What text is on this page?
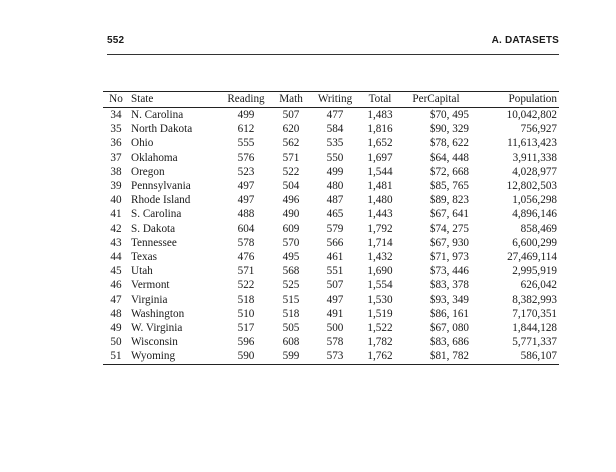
552	A. DATASETS
No	State	Reading	Math	Writing	Total	PerCapital	Population
34	N. Carolina	499	507	477	1,483	$70, 495	10,042,802
35	North Dakota	612	620	584	1,816	$90, 329	756,927
36	Ohio	555	562	535	1,652	$78, 622	11,613,423
37	Oklahoma	576	571	550	1,697	$64, 448	3,911,338
38	Oregon	523	522	499	1,544	$72, 668	4,028,977
39	Pennsylvania	497	504	480	1,481	$85, 765	12,802,503
40	Rhode Island	497	496	487	1,480	$89, 823	1,056,298
41	S. Carolina	488	490	465	1,443	$67, 641	4,896,146
42	S. Dakota	604	609	579	1,792	$74, 275	858,469
43	Tennessee	578	570	566	1,714	$67, 930	6,600,299
44	Texas	476	495	461	1,432	$71, 973	27,469,114
45	Utah	571	568	551	1,690	$73, 446	2,995,919
46	Vermont	522	525	507	1,554	$83, 378	626,042
47	Virginia	518	515	497	1,530	$93, 349	8,382,993
48	Washington	510	518	491	1,519	$86, 161	7,170,351
49	W. Virginia	517	505	500	1,522	$67, 080	1,844,128
50	Wisconsin	596	608	578	1,782	$83, 686	5,771,337
51	Wyoming	590	599	573	1,762	$81, 782	586,107
